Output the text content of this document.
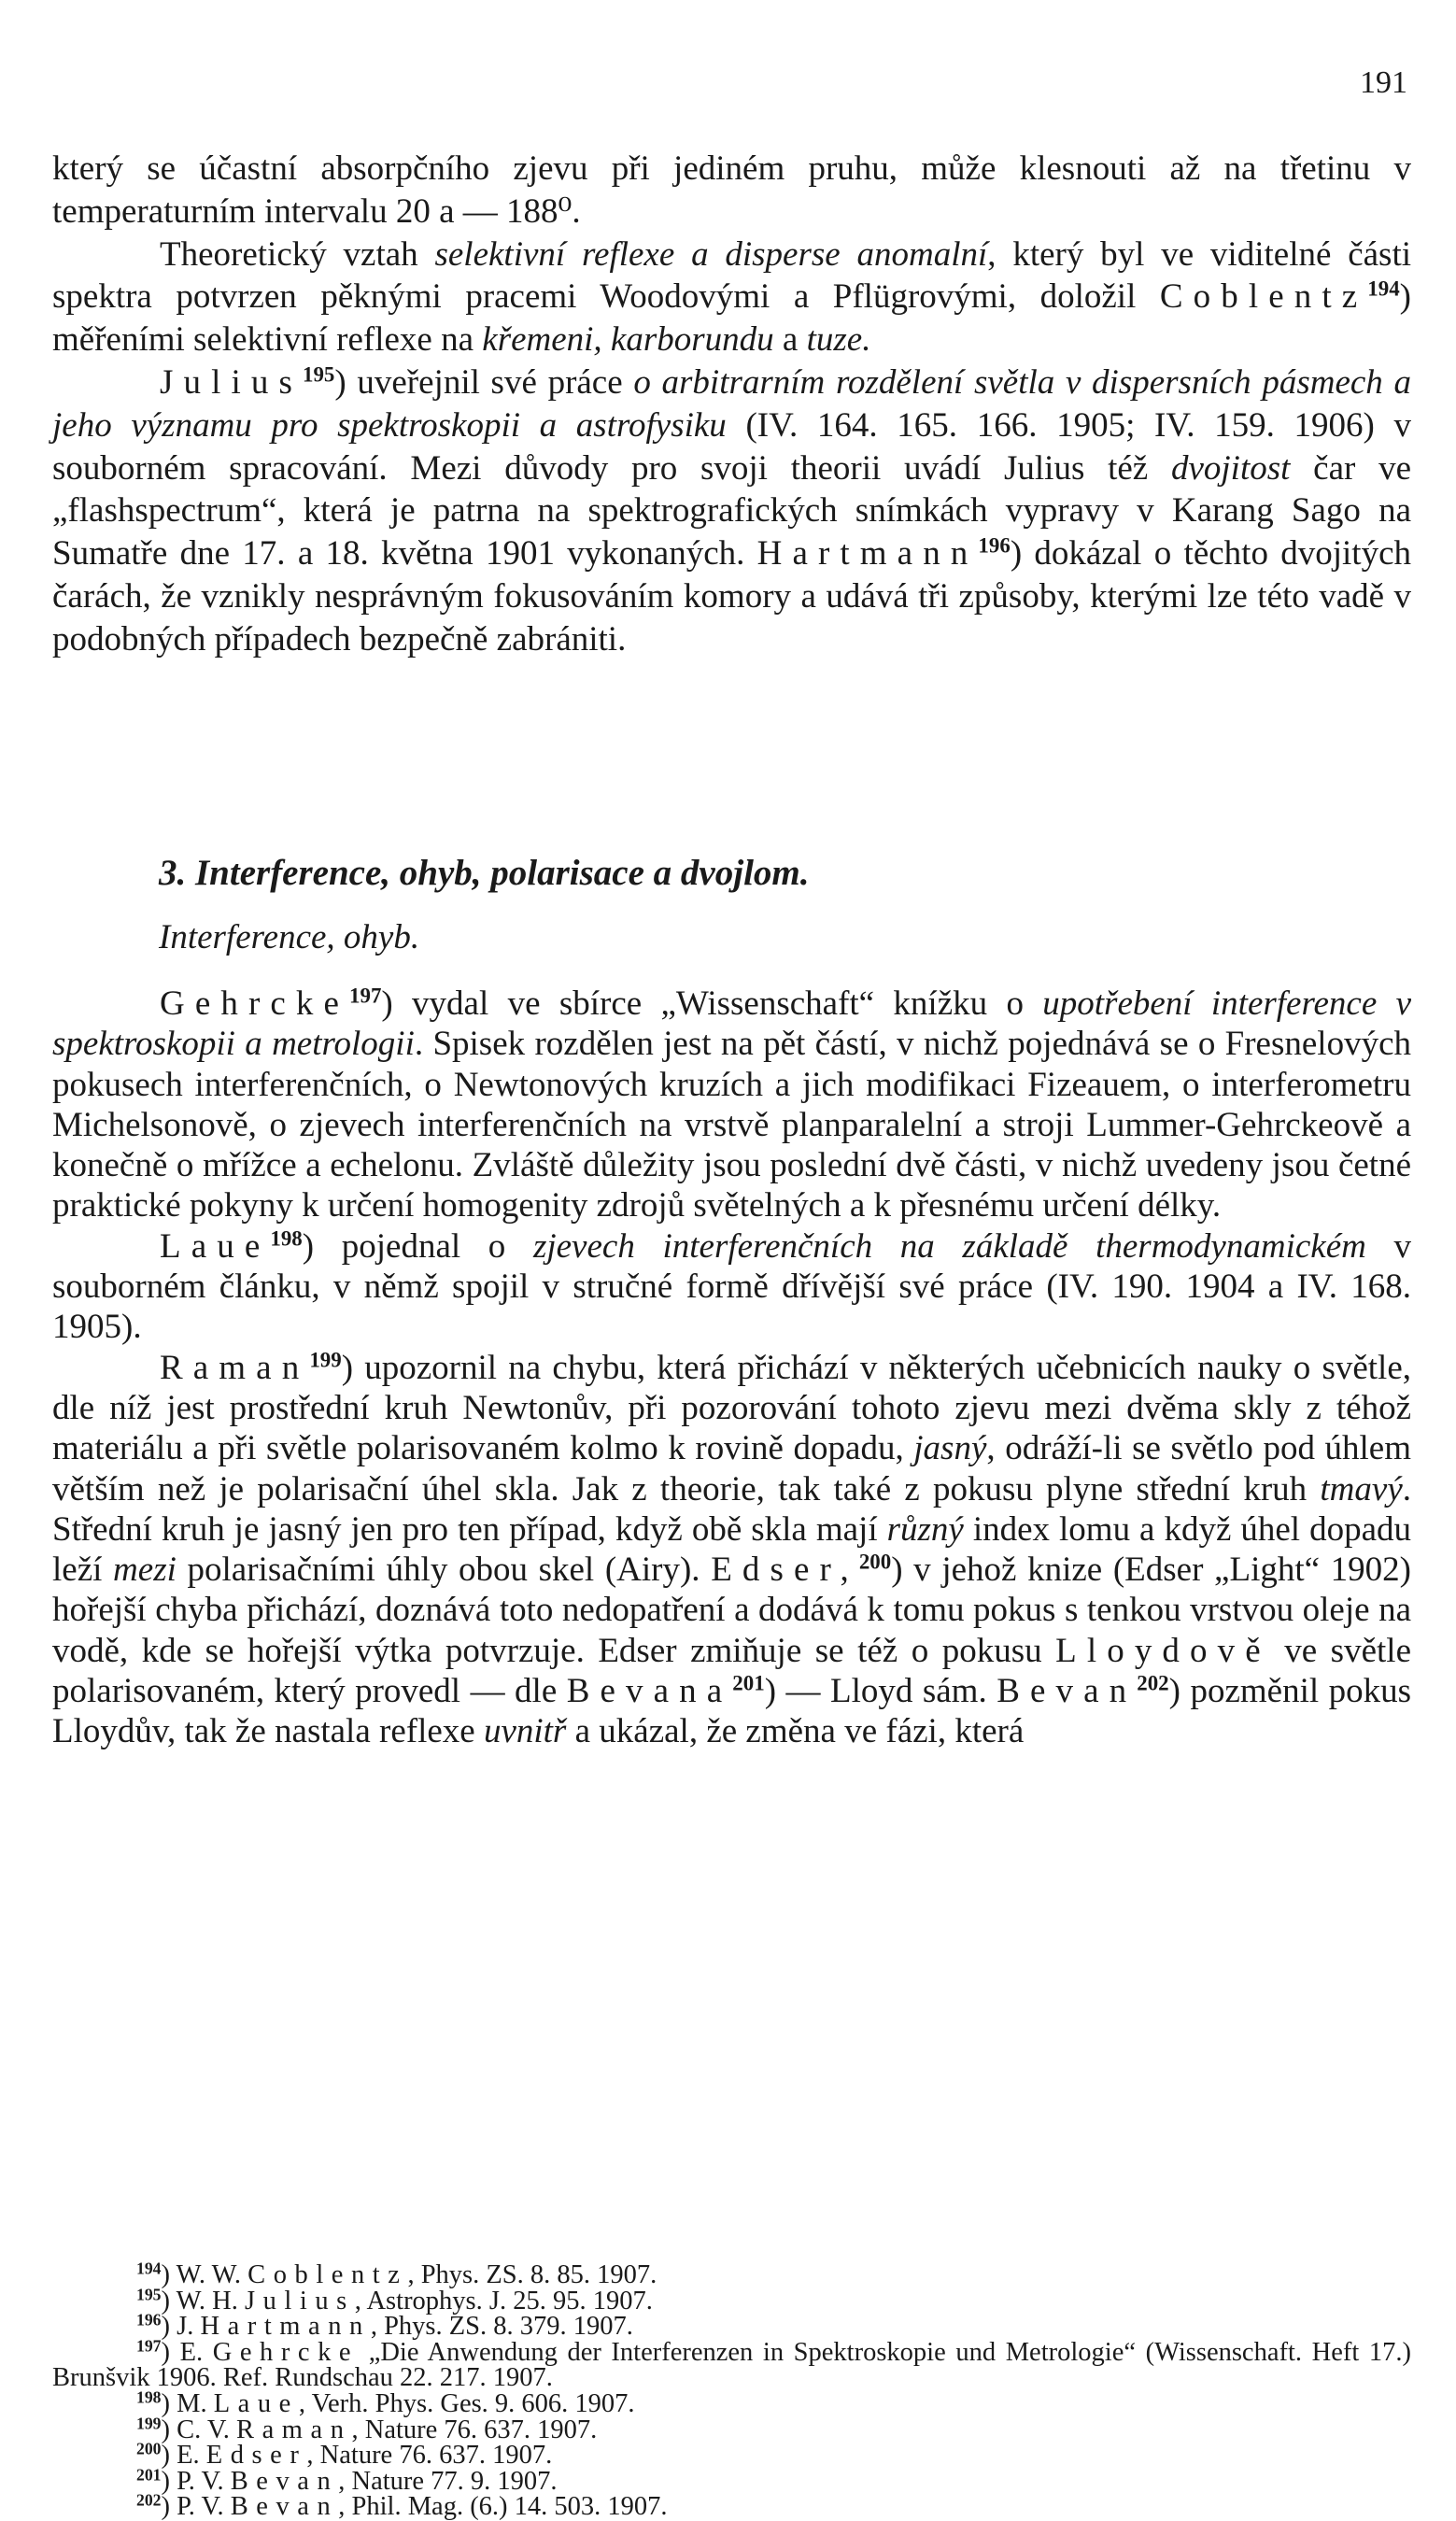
191

který se účastní absorpčního zjevu při jediném pruhu, může klesnouti až na třetinu v temperaturním intervalu 20 a — 188⁰.

Theoretický vztah selektivní reflexe a disperse anomalní, který byl ve viditelné části spektra potvrzen pěknými pracemi Woodovými a Pflügrovými, doložil Coblentz$^{194}$) měřeními selektivní reflexe na křemeni, karborundu a tuze.

Julius$^{195}$) uveřejnil své práce o arbitrarním rozdělení světla v dispersních pásmech a jeho významu pro spektroskopii a astrofysiku (IV. 164. 165. 166. 1905; IV. 159. 1906) v souborném spracování. Mezi důvody pro svoji theorii uvádí Julius též dvojitost čar ve „flashspectrum“, která je patrna na spektrografických snímkách vypravy v Karang Sago na Sumatře dne 17. a 18. května 1901 vykonaných. Hartmann$^{196}$) dokázal o těchto dvojitých čarách, že vznikly nesprávným fokusováním komory a udává tři způsoby, kterými lze této vadě v podobných případech bezpečně zabrániti.

3. Interference, ohyb, polarisace a dvojlom.
Interference, ohyb.

Gehrcke$^{197}$) vydal ve sbírce „Wissenschaft“ knížku o upotřebení interference v spektroskopii a metrologii. Spisek rozdělen jest na pět částí, v nichž pojednává se o Fresnelových pokusech interferenčních, o Newtonových kruzích a jich modifikaci Fizeauem, o interferometru Michelsonově, o zjevech interferenčních na vrstvě planparalelní a stroji Lummer-Gehrckeově a konečně o mřížce a echelonu. Zvláště důležity jsou poslední dvě části, v nichž uvedeny jsou četné praktické pokyny k určení homogenity zdrojů světelných a k přesnému určení délky.

Laue$^{198}$) pojednal o zjevech interferenčních na základě thermodynamickém v souborném článku, v němž spojil v stručné formě dřívější své práce (IV. 190. 1904 a IV. 168. 1905).

Raman$^{199}$) upozornil na chybu, která přichází v některých učebnicích nauky o světle, dle níž jest prostřední kruh Newtonův, při pozorování tohoto zjevu mezi dvěma skly z téhož materiálu a při světle polarisovaném kolmo k rovině dopadu, jasný, odráží-li se světlo pod úhlem větším než je polarisační úhel skla. Jak z theorie, tak také z pokusu plyne střední kruh tmavý. Střední kruh je jasný jen pro ten případ, když obě skla mají různý index lomu a když úhel dopadu leží mezi polarisačními úhly obou skel (Airy). Edser,$^{200}$) v jehož knize (Edser „Light“ 1902) hořejší chyba přichází, doznává toto nedopatření a dodává k tomu pokus s tenkou vrstvou oleje na vodě, kde se hořejší výtka potvrzuje. Edser zmiňuje se též o pokusu Lloydově ve světle polarisovaném, který provedl — dle Bevana$^{201}$) — Lloyd sám. Bevan$^{202}$) pozměnil pokus Lloydův, tak že nastala reflexe uvnitř a ukázal, že změna ve fázi, která

$^{194}$) W. W. Coblentz, Phys. ZS. 8. 85. 1907.

$^{195}$) W. H. Julius, Astrophys. J. 25. 95. 1907.

$^{196}$) J. Hartmann, Phys. ZS. 8. 379. 1907.

$^{197}$) E. Gehrcke „Die Anwendung der Interferenzen in Spektroskopie und Metrologie“ (Wissenschaft. Heft 17.) Brunšvik 1906. Ref. Rundschau 22. 217. 1907.

$^{198}$) M. Laue, Verh. Phys. Ges. 9. 606. 1907.

$^{199}$) C. V. Raman, Nature 76. 637. 1907.

$^{200}$) E. Edser, Nature 76. 637. 1907.

$^{201}$) P. V. Bevan, Nature 77. 9. 1907.

$^{202}$) P. V. Bevan, Phil. Mag. (6.) 14. 503. 1907.
